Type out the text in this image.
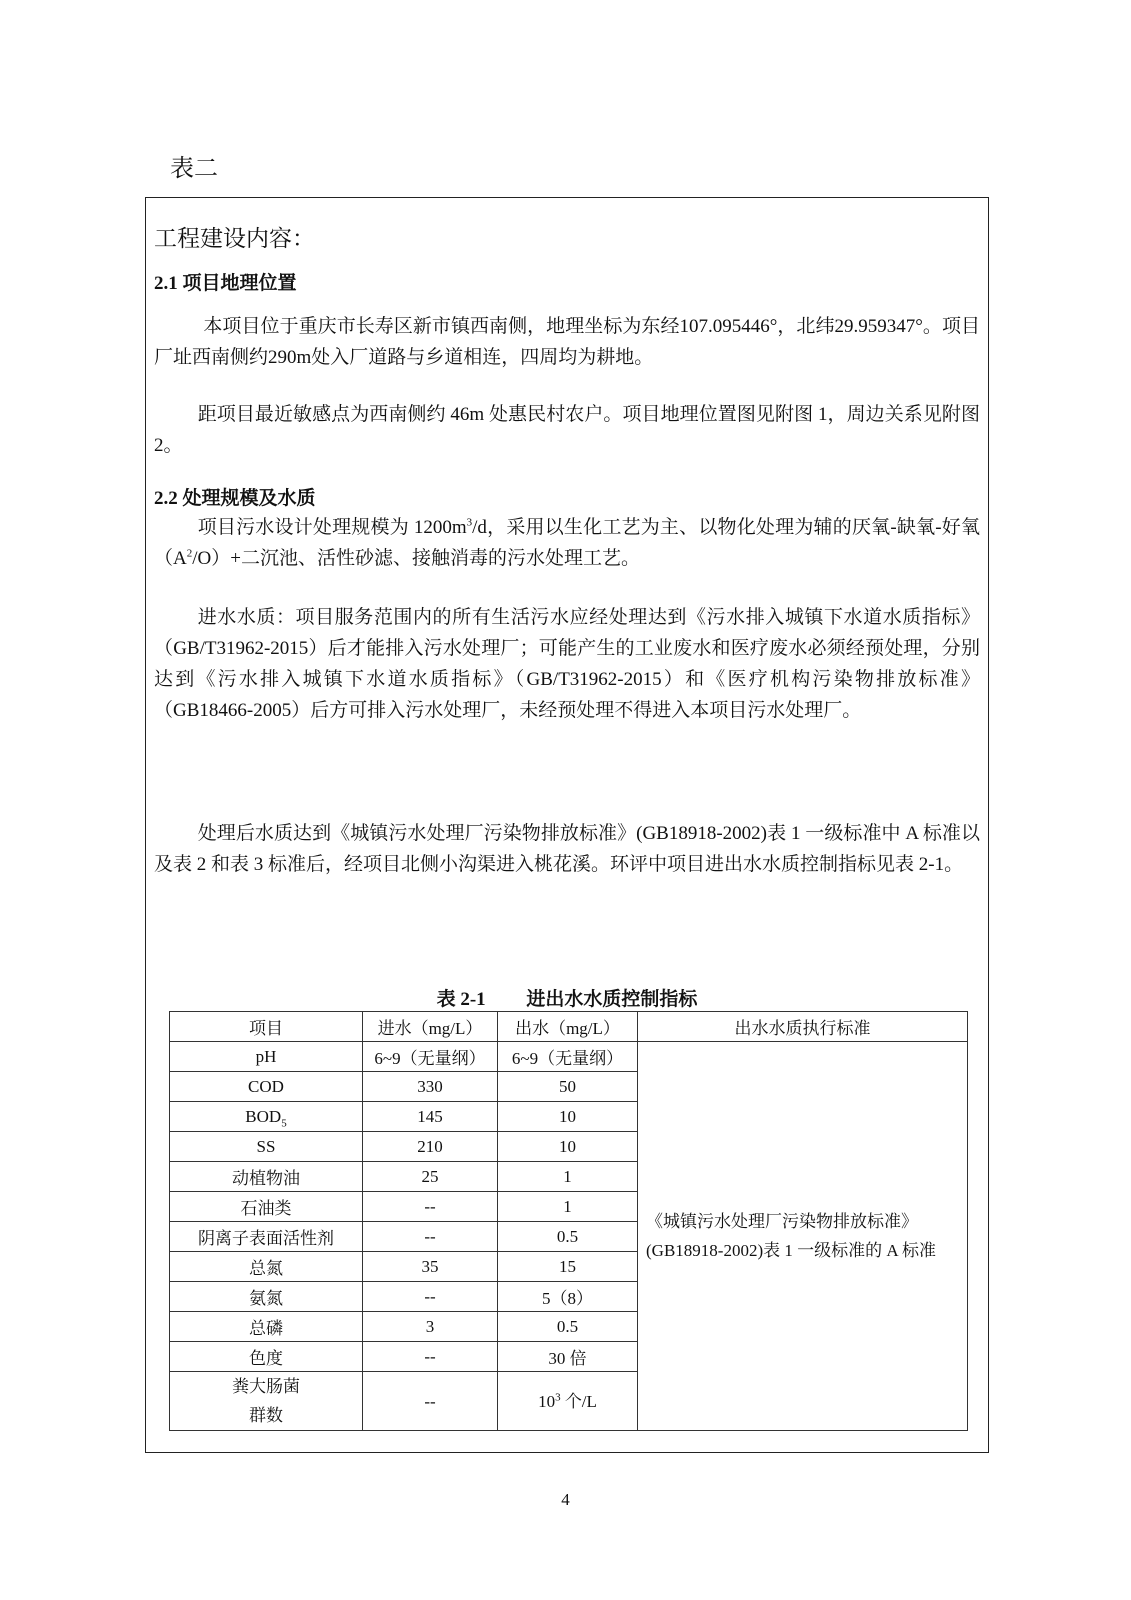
表二
工程建设内容：
2.1 项目地理位置

本项目位于重庆市长寿区新市镇西南侧，地理坐标为东经107.095446°，北纬29.959347°。项目厂址西南侧约290m处入厂道路与乡道相连，四周均为耕地。

距项目最近敏感点为西南侧约 46m 处惠民村农户。项目地理位置图见附图 1，周边关系见附图 2。

2.2 处理规模及水质

项目污水设计处理规模为 $1200m^3/d$，采用以生化工艺为主、以物化处理为辅的厌氧-缺氧-好氧$(A^2/O)+$二沉池、活性砂滤、接触消毒的污水处理工艺。

进水水质：项目服务范围内的所有生活污水应经处理达到《污水排入城镇下水道水质指标》（GB/T31962-2015）后才能排入污水处理厂；可能产生的工业废水和医疗废水必须经预处理，分别达到《污水排入城镇下水道水质指标》（GB/T31962-2015）和《医疗机构污染物排放标准》（GB18466-2005）后方可排入污水处理厂，未经预处理不得进入本项目污水处理厂。

处理后水质达到《城镇污水处理厂污染物排放标准》(GB18918-2002)表 1 一级标准中 A 标准以及表 2 和表 3 标准后，经项目北侧小沟渠进入桃花溪。环评中项目进出水水质控制指标见表 2-1。

表 2-1 进出水水质控制指标
项目	进水（mg/L）	出水（mg/L）	出水水质执行标准
pH	6~9（无量纲）	6~9（无量纲）	《城镇污水处理厂污染物排放标准》(GB18918-2002)表 1 一级标准的 A 标准
COD	330	50	
$BOD_5$	145	10	
SS	210	10	
动植物油	25	1	
石油类	--	1	
阴离子表面活性剂	--	0.5	
总氮	35	15	
氨氮	--	5（8）	
总磷	3	0.5	
色度	--	30 倍	
粪大肠菌
群数	--	$10^3$ 个/L	
4
